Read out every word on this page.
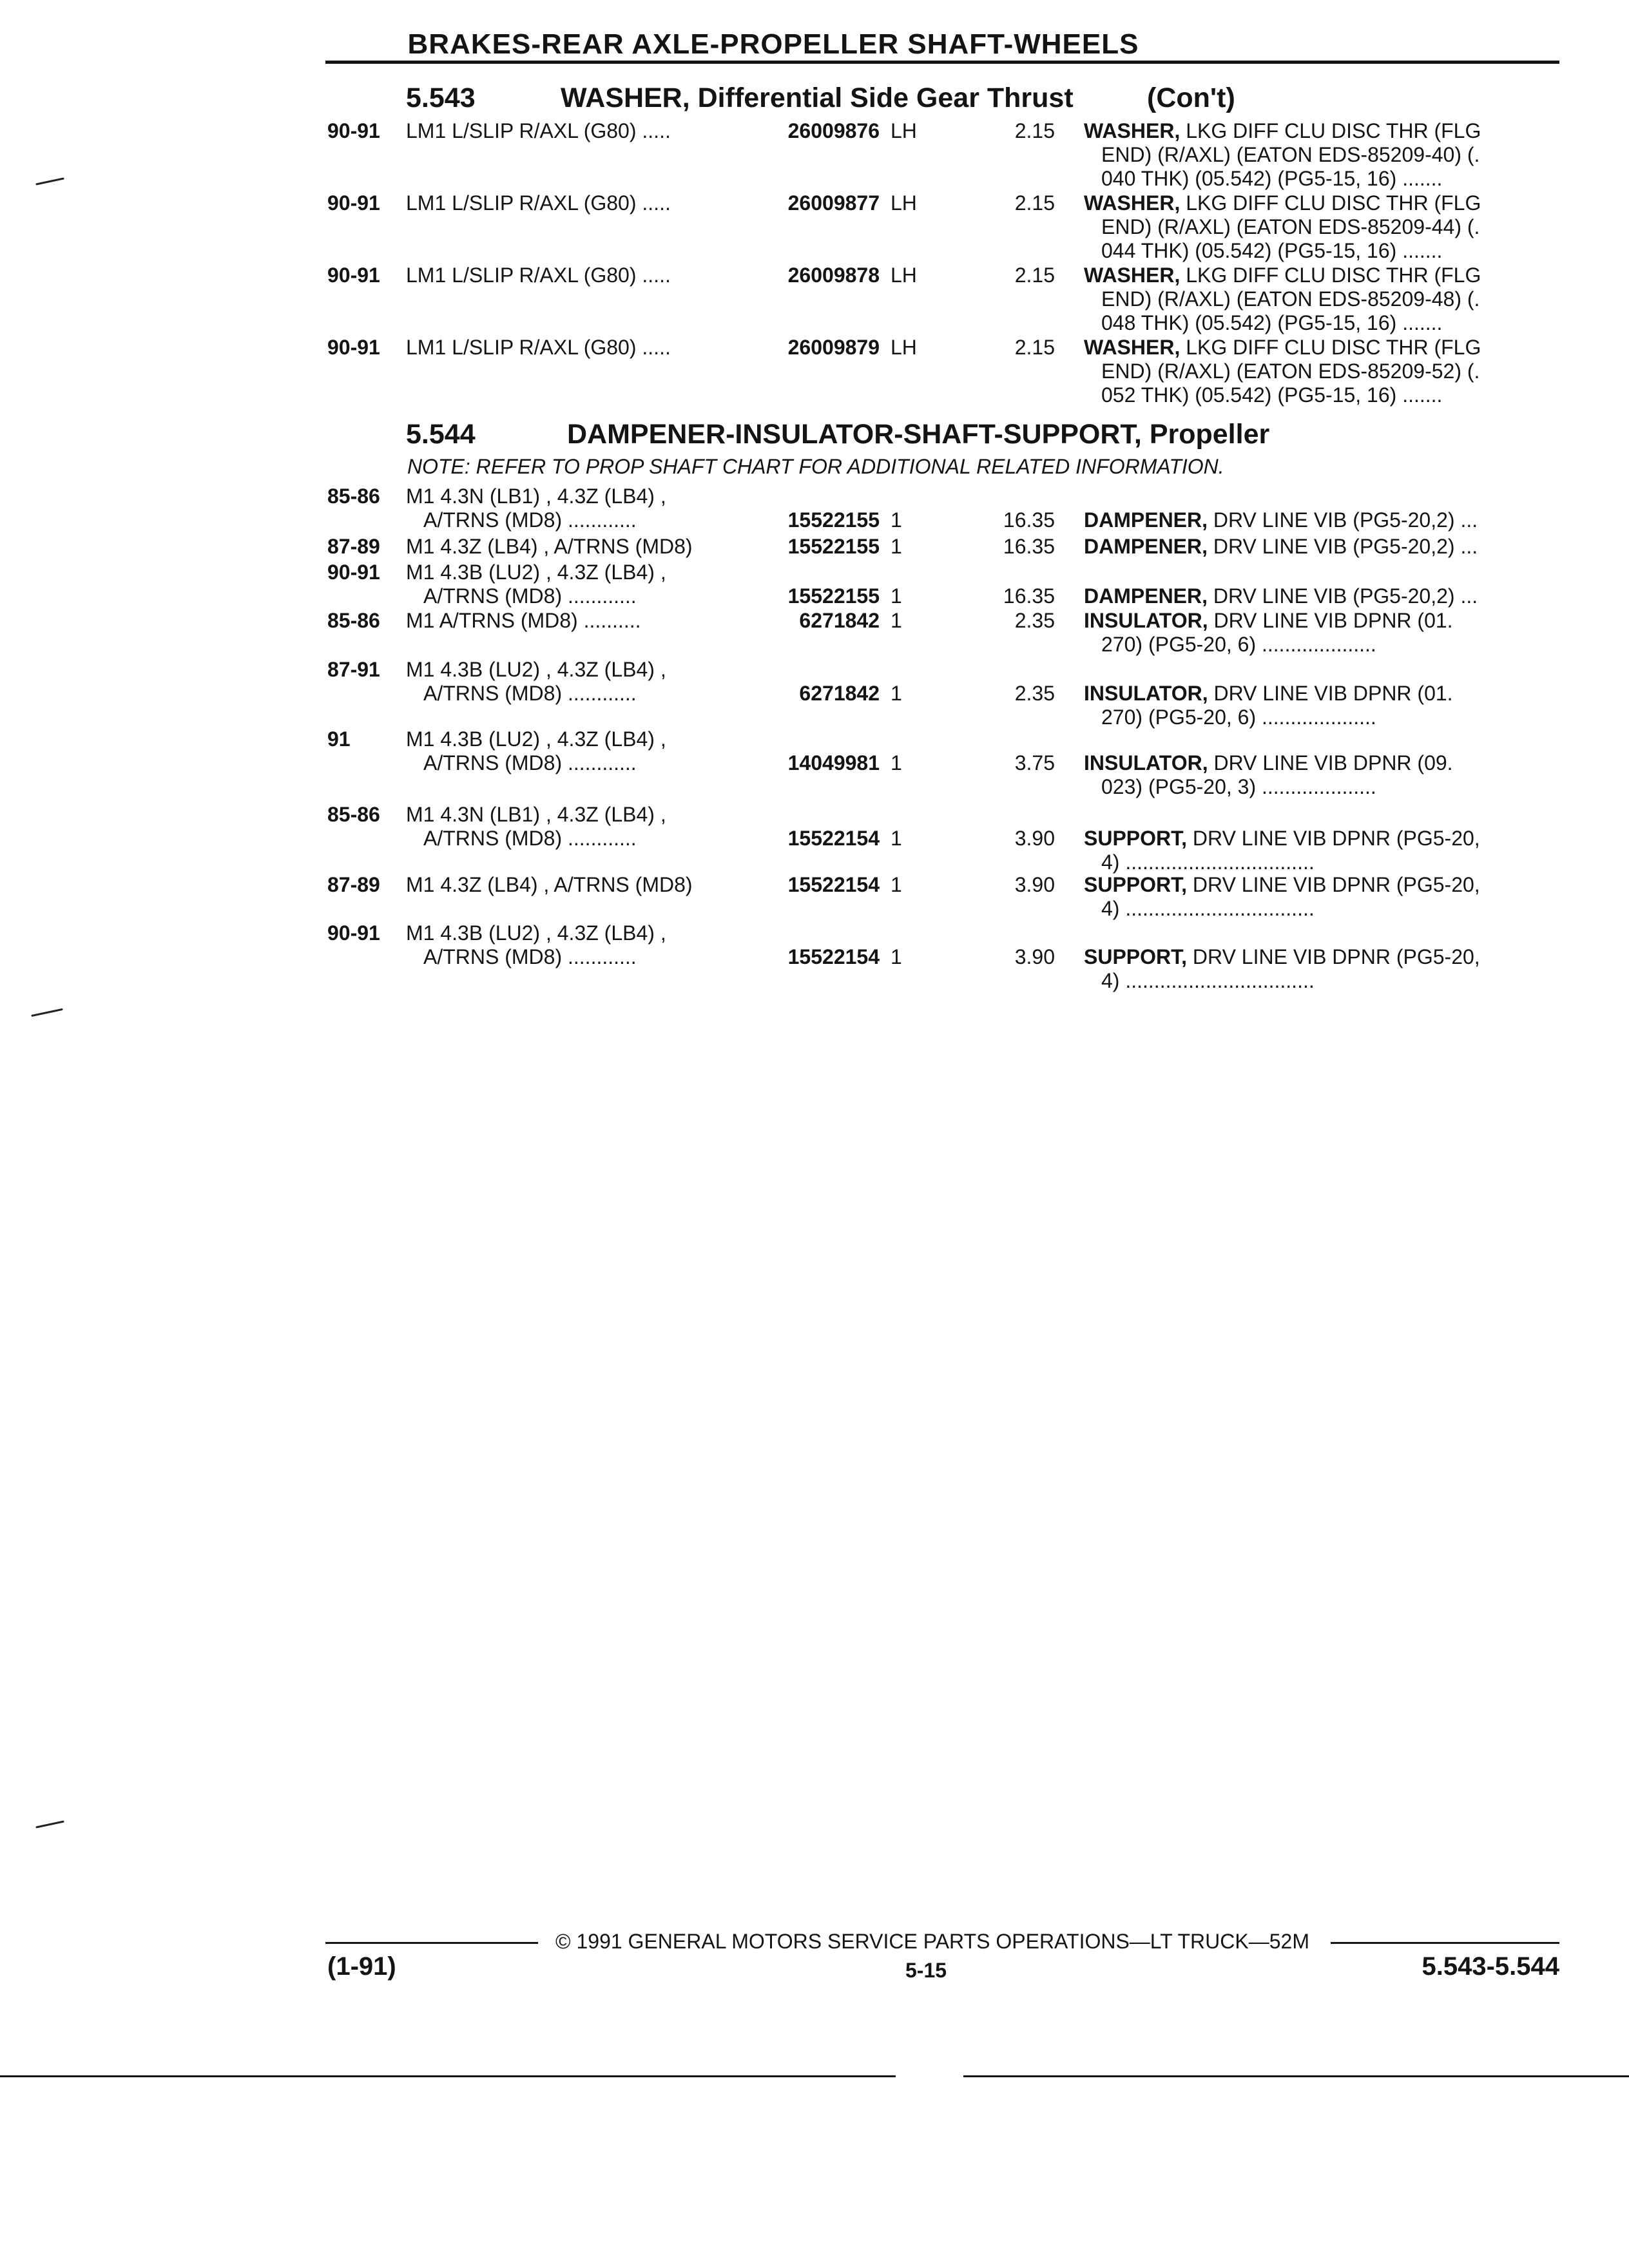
BRAKES-REAR AXLE-PROPELLER SHAFT-WHEELS
5.543	WASHER, Differential Side Gear Thrust	(Con't)
90-91 LM1 L/SLIP R/AXL (G80) .....	26009876 LH	2.15 WASHER, LKG DIFF CLU DISC THR (FLG
END) (R/AXL) (EATON EDS-85209-40) (.
040 THK) (05.542) (PG5-15, 16) .......
90-91 LM1 L/SLIP R/AXL (G80) .....	26009877 LH	2.15 WASHER, LKG DIFF CLU DISC THR (FLG
END) (R/AXL) (EATON EDS-85209-44) (.
044 THK) (05.542) (PG5-15, 16) .......
90-91 LM1 L/SLIP R/AXL (G80) .....	26009878 LH	2.15 WASHER, LKG DIFF CLU DISC THR (FLG
END) (R/AXL) (EATON EDS-85209-48) (.
048 THK) (05.542) (PG5-15, 16) .......
90-91 LM1 L/SLIP R/AXL (G80) .....	26009879 LH	2.15 WASHER, LKG DIFF CLU DISC THR (FLG
END) (R/AXL) (EATON EDS-85209-52) (.
052 THK) (05.542) (PG5-15, 16) .......
5.544	DAMPENER-INSULATOR-SHAFT-SUPPORT, Propeller
NOTE: REFER TO PROP SHAFT CHART FOR ADDITIONAL RELATED INFORMATION.
85-86 M1 4.3N (LB1) , 4.3Z (LB4) ,
A/TRNS (MD8) ............	15522155 1	16.35 DAMPENER, DRV LINE VIB (PG5-20,2) ...
87-89 M1 4.3Z (LB4) , A/TRNS (MD8)	15522155 1	16.35 DAMPENER, DRV LINE VIB (PG5-20,2) ...
90-91 M1 4.3B (LU2) , 4.3Z (LB4) ,
A/TRNS (MD8) ............	15522155 1	16.35 DAMPENER, DRV LINE VIB (PG5-20,2) ...
85-86 M1 A/TRNS (MD8) ..........	6271842 1	2.35 INSULATOR, DRV LINE VIB DPNR (01.
270) (PG5-20, 6) ....................
87-91 M1 4.3B (LU2) , 4.3Z (LB4) ,
A/TRNS (MD8) ............	6271842 1	2.35 INSULATOR, DRV LINE VIB DPNR (01.
270) (PG5-20, 6) ....................
91	M1 4.3B (LU2) , 4.3Z (LB4) ,
A/TRNS (MD8) ............	14049981 1	3.75 INSULATOR, DRV LINE VIB DPNR (09.
023) (PG5-20, 3) ....................
85-86 M1 4.3N (LB1) , 4.3Z (LB4) ,
A/TRNS (MD8) ............	15522154 1	3.90 SUPPORT, DRV LINE VIB DPNR (PG5-20,
4) .................................
87-89 M1 4.3Z (LB4) , A/TRNS (MD8)	15522154 1	3.90 SUPPORT, DRV LINE VIB DPNR (PG5-20,
4) .................................
90-91 M1 4.3B (LU2) , 4.3Z (LB4) ,
A/TRNS (MD8) ............	15522154 1	3.90 SUPPORT, DRV LINE VIB DPNR (PG5-20,
4) .................................
© 1991 GENERAL MOTORS SERVICE PARTS OPERATIONS—LT TRUCK—52M
(1-91)	5-15	5.543-5.544
